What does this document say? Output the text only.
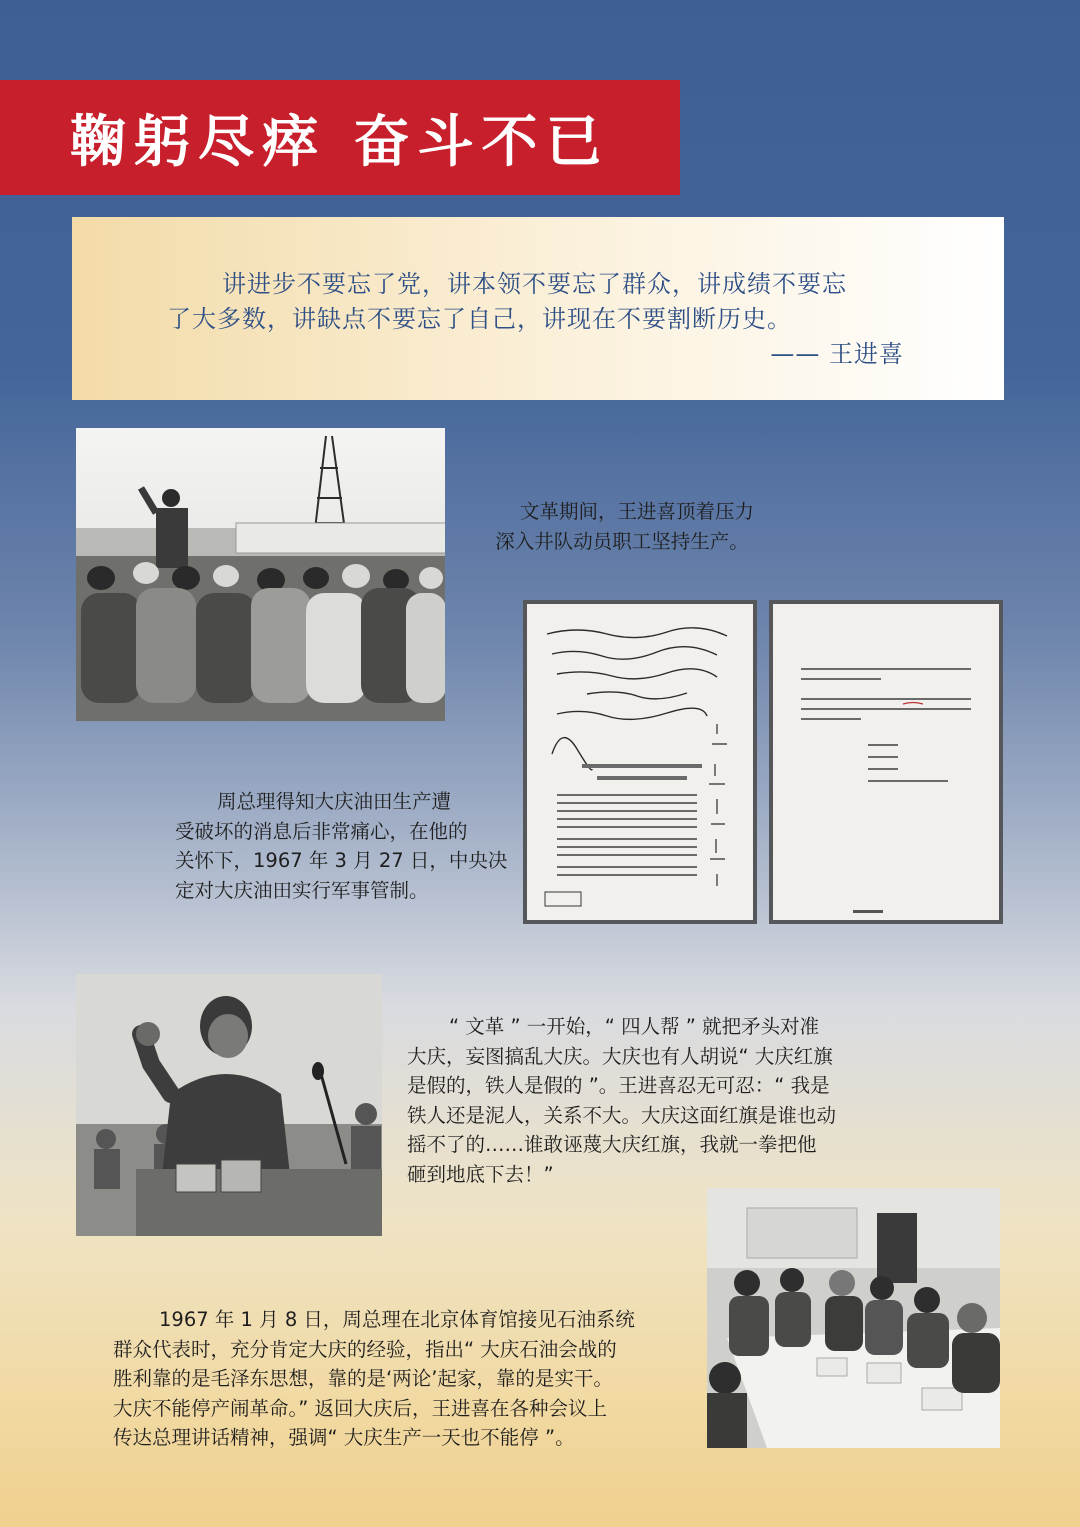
鞠躬尽瘁 奋斗不已
讲进步不要忘了党，讲本领不要忘了群众，讲成绩不要忘
了大多数，讲缺点不要忘了自己，讲现在不要割断历史。
—— 王进喜

文革期间，王进喜顶着压力

深入井队动员职工坚持生产。

周总理得知大庆油田生产遭

受破坏的消息后非常痛心，在他的

关怀下，1967 年 3 月 27 日，中央决

定对大庆油田实行军事管制。

“ 文革 ” 一开始，“ 四人帮 ” 就把矛头对准

大庆，妄图搞乱大庆。大庆也有人胡说“ 大庆红旗

是假的，铁人是假的 ”。王进喜忍无可忍：“ 我是

铁人还是泥人，关系不大。大庆这面红旗是谁也动

摇不了的……谁敢诬蔑大庆红旗，我就一拳把他

砸到地底下去！”

1967 年 1 月 8 日，周总理在北京体育馆接见石油系统

群众代表时，充分肯定大庆的经验，指出“ 大庆石油会战的

胜利靠的是毛泽东思想，靠的是‘两论’起家，靠的是实干。

大庆不能停产闹革命。” 返回大庆后，王进喜在各种会议上

传达总理讲话精神，强调“ 大庆生产一天也不能停 ”。
